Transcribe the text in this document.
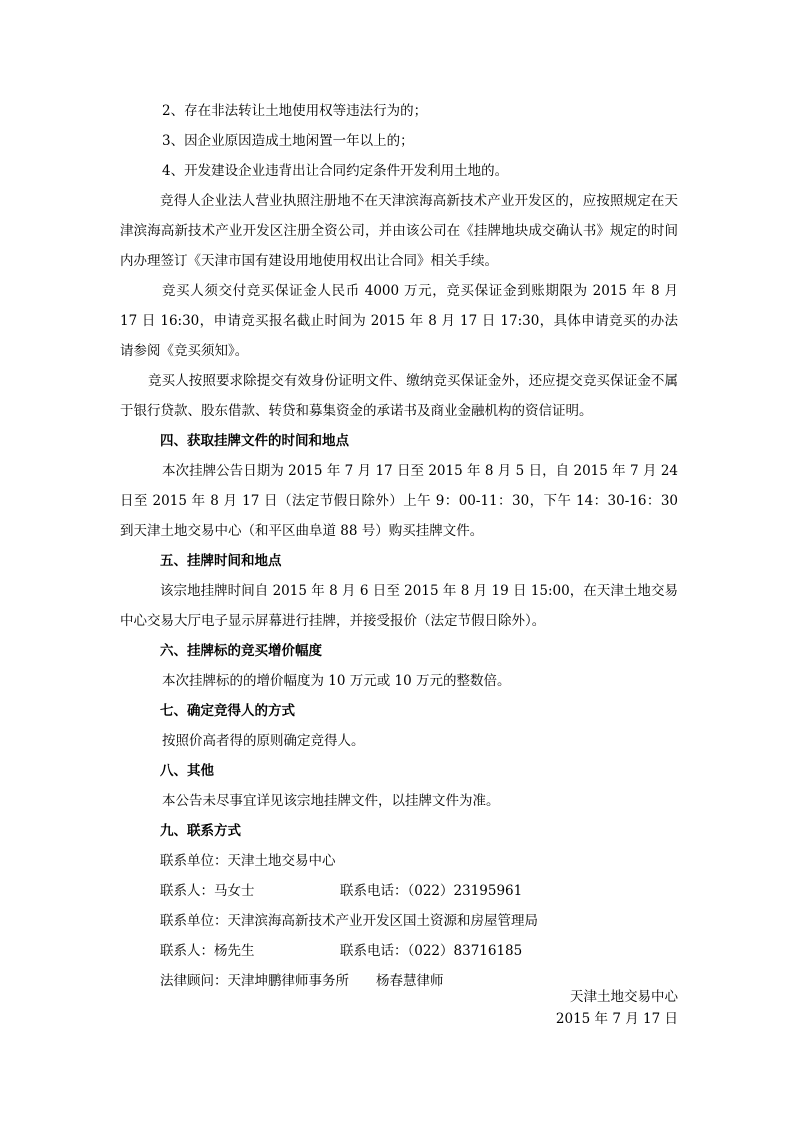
2、存在非法转让土地使用权等违法行为的；
3、因企业原因造成土地闲置一年以上的；
4、开发建设企业违背出让合同约定条件开发利用土地的。
竞得人企业法人营业执照注册地不在天津滨海高新技术产业开发区的，应按照规定在天津滨海高新技术产业开发区注册全资公司，并由该公司在《挂牌地块成交确认书》规定的时间内办理签订《天津市国有建设用地使用权出让合同》相关手续。
竞买人须交付竞买保证金人民币 4000 万元，竞买保证金到账期限为 2015 年 8 月 17 日 16:30，申请竞买报名截止时间为 2015 年 8 月 17 日 17:30，具体申请竞买的办法请参阅《竞买须知》。
竞买人按照要求除提交有效身份证明文件、缴纳竞买保证金外，还应提交竞买保证金不属于银行贷款、股东借款、转贷和募集资金的承诺书及商业金融机构的资信证明。
四、获取挂牌文件的时间和地点
本次挂牌公告日期为 2015 年 7 月 17 日至 2015 年 8 月 5 日，自 2015 年 7 月 24 日至 2015 年 8 月 17 日（法定节假日除外）上午 9：00-11：30，下午 14：30-16：30 到天津土地交易中心（和平区曲阜道 88 号）购买挂牌文件。
五、挂牌时间和地点
该宗地挂牌时间自 2015 年 8 月 6 日至 2015 年 8 月 19 日 15:00，在天津土地交易中心交易大厅电子显示屏幕进行挂牌，并接受报价（法定节假日除外）。
六、挂牌标的竞买增价幅度
本次挂牌标的的增价幅度为 10 万元或 10 万元的整数倍。
七、确定竞得人的方式
按照价高者得的原则确定竞得人。
八、其他
本公告未尽事宜详见该宗地挂牌文件，以挂牌文件为准。
九、联系方式
联系单位：天津土地交易中心
联系人：马女士	联系电话：（022）23195961
联系单位：天津滨海高新技术产业开发区国土资源和房屋管理局
联系人：杨先生	联系电话：（022）83716185
法律顾问：天津坤鹏律师事务所 杨春慧律师
天津土地交易中心
2015 年 7 月 17 日
